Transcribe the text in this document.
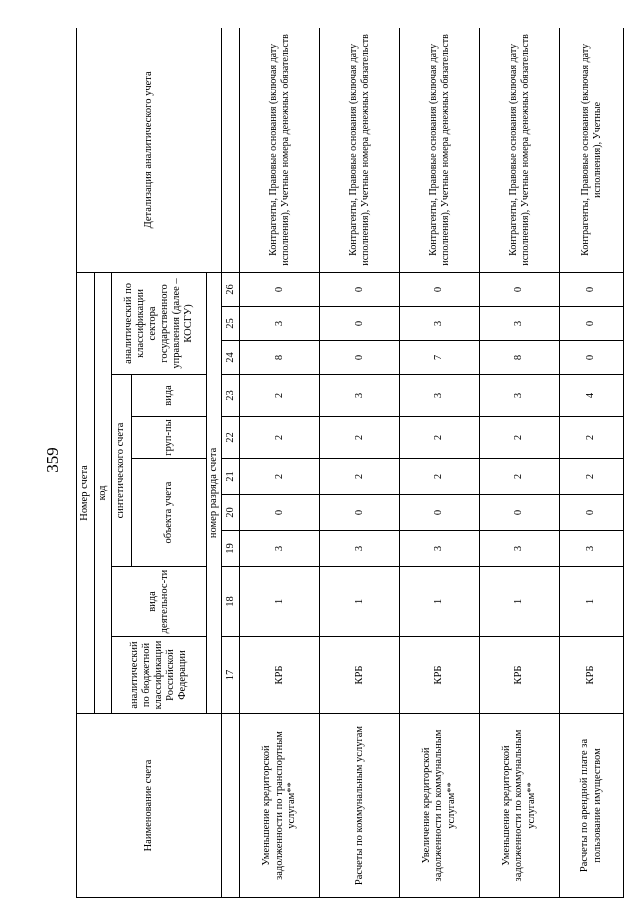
359
Наименование счета	Номер счета										Детализация аналитического учета
	код										
	аналитический по бюджетной классификации Российской Федерации	вида деятельнос-ти	синтетического счета					аналитический по классификации сектора государственного управления (далее – КОСГУ)			
			объекта учета			груп-пы	вида				
	номер разряда счета										
	17	18	19	20	21	22	23	24	25	26	
Уменьшение кредиторской задолженности по транспортным услугам**	КРБ	1	3	0	2	2	2	8	3	0	Контрагенты, Правовые основания (включая дату исполнения), Учетные номера денежных обязательств
Расчеты по коммунальным услугам	КРБ	1	3	0	2	2	3	0	0	0	Контрагенты, Правовые основания (включая дату исполнения), Учетные номера денежных обязательств
Увеличение кредиторской задолженности по коммунальным услугам**	КРБ	1	3	0	2	2	3	7	3	0	Контрагенты, Правовые основания (включая дату исполнения), Учетные номера денежных обязательств
Уменьшение кредиторской задолженности по коммунальным услугам**	КРБ	1	3	0	2	2	3	8	3	0	Контрагенты, Правовые основания (включая дату исполнения), Учетные номера денежных обязательств
Расчеты по арендной плате за пользование имуществом	КРБ	1	3	0	2	2	4	0	0	0	Контрагенты, Правовые основания (включая дату исполнения), Учетные
